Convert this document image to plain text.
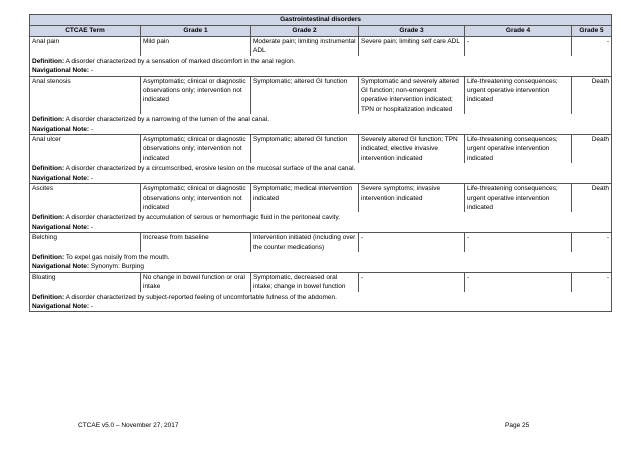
Gastrointestinal disorders					
CTCAE Term	Grade 1	Grade 2	Grade 3	Grade 4	Grade 5
Anal pain	Mild pain	Moderate pain; limiting instrumental ADL	Severe pain; limiting self care ADL	-	-
Definition: A disorder characterized by a sensation of marked discomfort in the anal region.					
Navigational Note: -					
Anal stenosis	Asymptomatic; clinical or diagnostic observations only; intervention not indicated	Symptomatic; altered GI function	Symptomatic and severely altered GI function; non-emergent operative intervention indicated; TPN or hospitalization indicated	Life-threatening consequences; urgent operative intervention indicated	Death
Definition: A disorder characterized by a narrowing of the lumen of the anal canal.					
Navigational Note: -					
Anal ulcer	Asymptomatic; clinical or diagnostic observations only; intervention not indicated	Symptomatic; altered GI function	Severely altered GI function; TPN indicated; elective invasive intervention indicated	Life-threatening consequences; urgent operative intervention indicated	Death
Definition: A disorder characterized by a circumscribed, erosive lesion on the mucosal surface of the anal canal.					
Navigational Note: -					
Ascites	Asymptomatic; clinical or diagnostic observations only; intervention not indicated	Symptomatic; medical intervention indicated	Severe symptoms; invasive intervention indicated	Life-threatening consequences; urgent operative intervention indicated	Death
Definition: A disorder characterized by accumulation of serous or hemorrhagic fluid in the peritoneal cavity.					
Navigational Note: -					
Belching	Increase from baseline	Intervention initiated (including over the counter medications)	-	-	-
Definition: To expel gas noisily from the mouth.					
Navigational Note: Synonym: Burping					
Bloating	No change in bowel function or oral intake	Symptomatic, decreased oral intake; change in bowel function	-	-	-
Definition: A disorder characterized by subject-reported feeling of uncomfortable fullness of the abdomen.					
Navigational Note: -					
CTCAE v5.0 – November 27, 2017	Page 25
